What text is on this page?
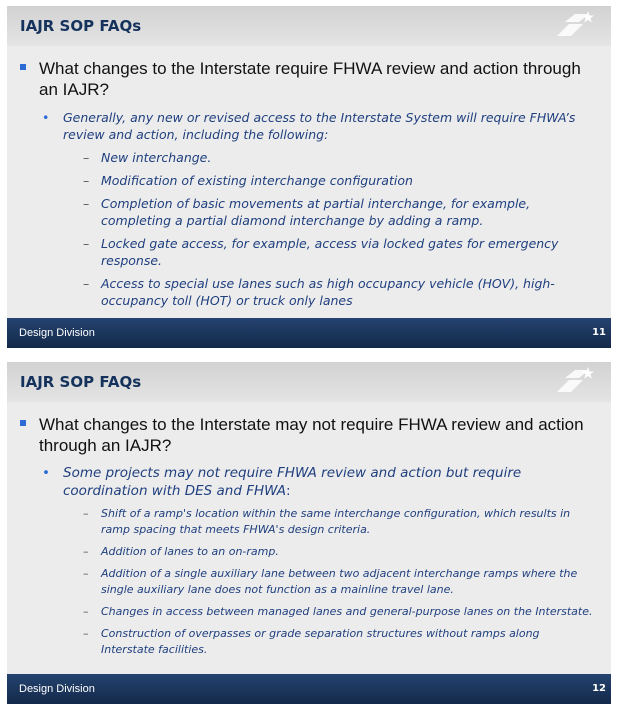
IAJR SOP FAQs

What changes to the Interstate require FHWA review and action through an IAJR?

• Generally, any new or revised access to the Interstate System will require FHWA’s review and action, including the following:

– New interchange.
– Modification of existing interchange configuration
– Completion of basic movements at partial interchange, for example, completing a partial diamond interchange by adding a ramp.
– Locked gate access, for example, access via locked gates for emergency response.
– Access to special use lanes such as high occupancy vehicle (HOV), high-occupancy toll (HOT) or truck only lanes
Design Division	11
IAJR SOP FAQs

What changes to the Interstate may not require FHWA review and action through an IAJR?

• Some projects may not require FHWA review and action but require coordination with DES and FHWA:

– Shift of a ramp's location within the same interchange configuration, which results in ramp spacing that meets FHWA's design criteria.
– Addition of lanes to an on-ramp.
– Addition of a single auxiliary lane between two adjacent interchange ramps where the single auxiliary lane does not function as a mainline travel lane.
– Changes in access between managed lanes and general-purpose lanes on the Interstate.
– Construction of overpasses or grade separation structures without ramps along Interstate facilities.
Design Division	12
